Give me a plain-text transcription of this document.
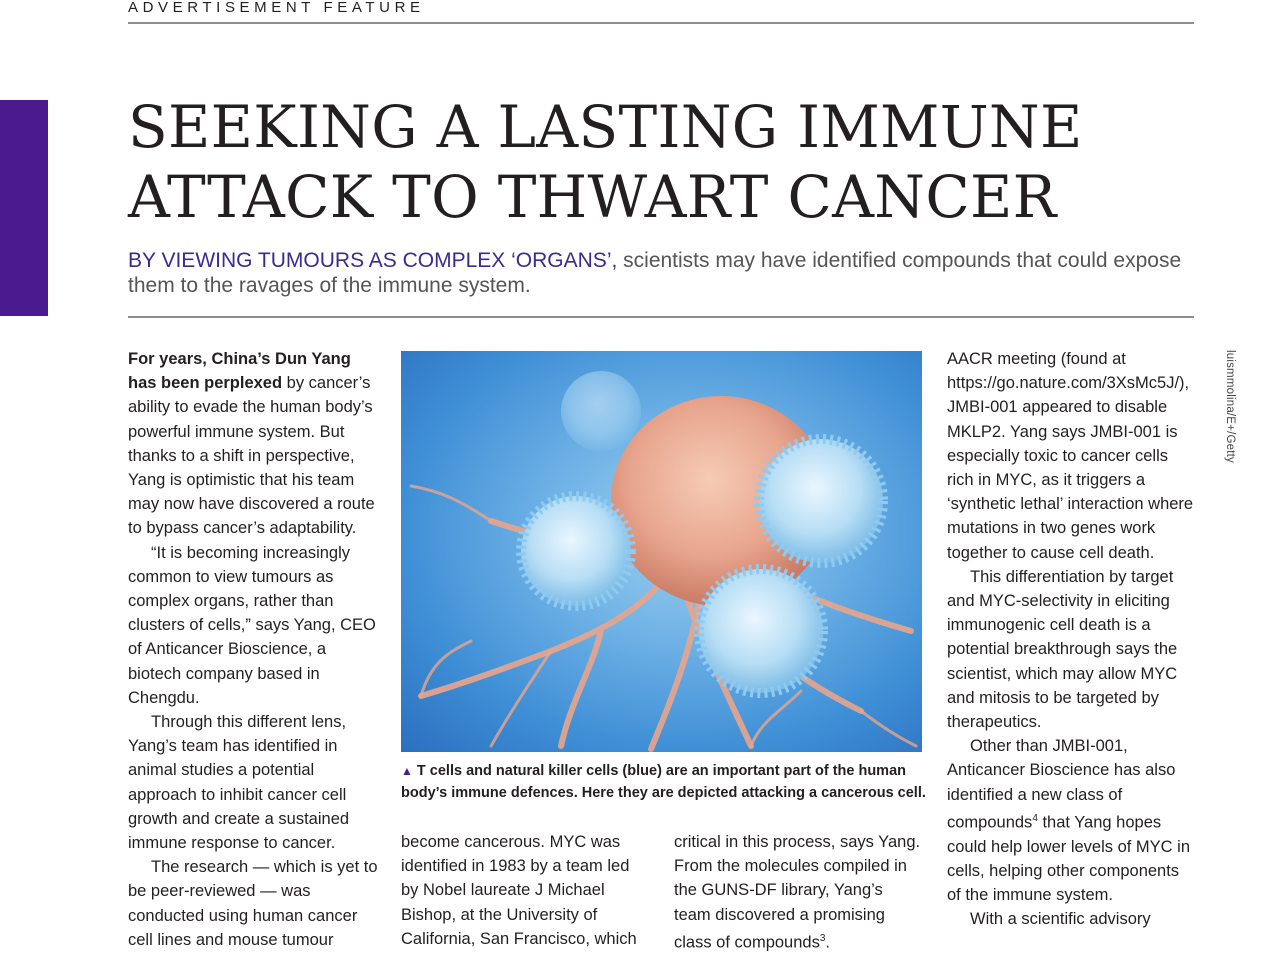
ADVERTISEMENT FEATURE
SEEKING A LASTING IMMUNE
ATTACK TO THWART CANCER
BY VIEWING TUMOURS AS COMPLEX ‘ORGANS’, scientists may have identified compounds that could expose them to the ravages of the immune system.

For years, China’s Dun Yang has been perplexed by cancer’s ability to evade the human body’s powerful immune system. But thanks to a shift in perspective, Yang is optimistic that his team may now have discovered a route to bypass cancer’s adaptability.

“It is becoming increasingly common to view tumours as complex organs, rather than clusters of cells,” says Yang, CEO of Anticancer Bioscience, a biotech company based in Chengdu.

Through this different lens, Yang’s team has identified in animal studies a potential approach to inhibit cancer cell growth and create a sustained immune response to cancer.

The research — which is yet to be peer-reviewed — was conducted using human cancer cell lines and mouse tumour

luismmolina/E+/Getty
▲ T cells and natural killer cells (blue) are an important part of the human body’s immune defences. Here they are depicted attacking a cancerous cell.

become cancerous. MYC was identified in 1983 by a team led by Nobel laureate J Michael Bishop, at the University of California, San Francisco, which

critical in this process, says Yang. From the molecules compiled in the GUNS-DF library, Yang’s team discovered a promising class of compounds$^3$.

AACR meeting (found at https://go.nature.com/3XsMc5J/), JMBI-001 appeared to disable MKLP2. Yang says JMBI-001 is especially toxic to cancer cells rich in MYC, as it triggers a ‘synthetic lethal’ interaction where mutations in two genes work together to cause cell death.

This differentiation by target and MYC-selectivity in eliciting immunogenic cell death is a potential breakthrough says the scientist, which may allow MYC and mitosis to be targeted by therapeutics.

Other than JMBI-001, Anticancer Bioscience has also identified a new class of compounds$^4$ that Yang hopes could help lower levels of MYC in cells, helping other components of the immune system.

With a scientific advisory
